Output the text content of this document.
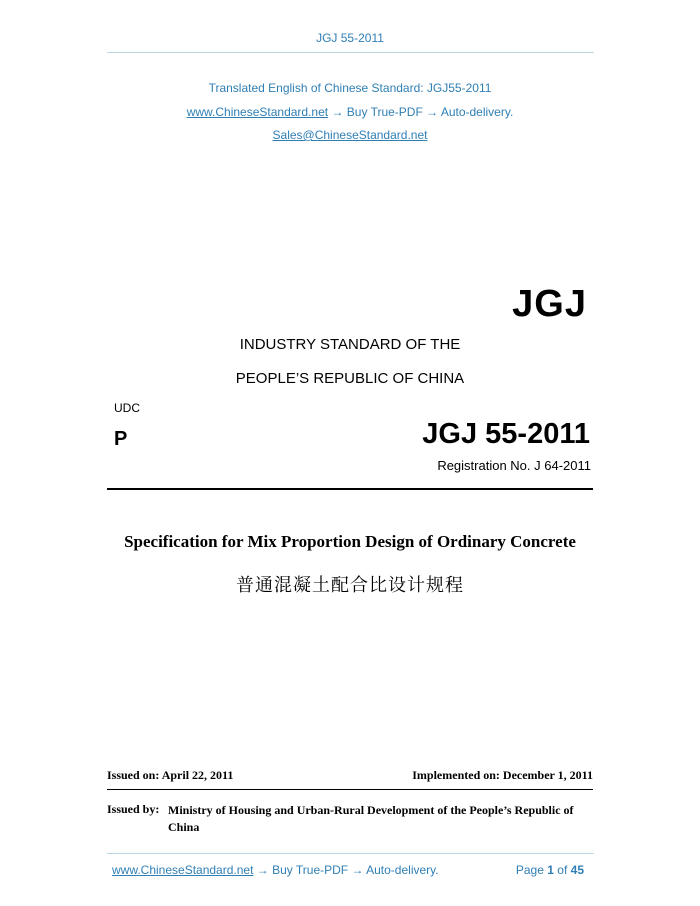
JGJ 55-2011
Translated English of Chinese Standard: JGJ55-2011
www.ChineseStandard.net → Buy True-PDF → Auto-delivery.
Sales@ChineseStandard.net
JGJ
INDUSTRY STANDARD OF THE
PEOPLE’S REPUBLIC OF CHINA
UDC
P	JGJ 55-2011
Registration No. J 64-2011
Specification for Mix Proportion Design of Ordinary Concrete
普通混凝土配合比设计规程
Issued on: April 22, 2011	Implemented on: December 1, 2011
Issued by: Ministry of Housing and Urban-Rural Development of the People’s Republic of China
www.ChineseStandard.net → Buy True-PDF → Auto-delivery.	Page 1 of 45
